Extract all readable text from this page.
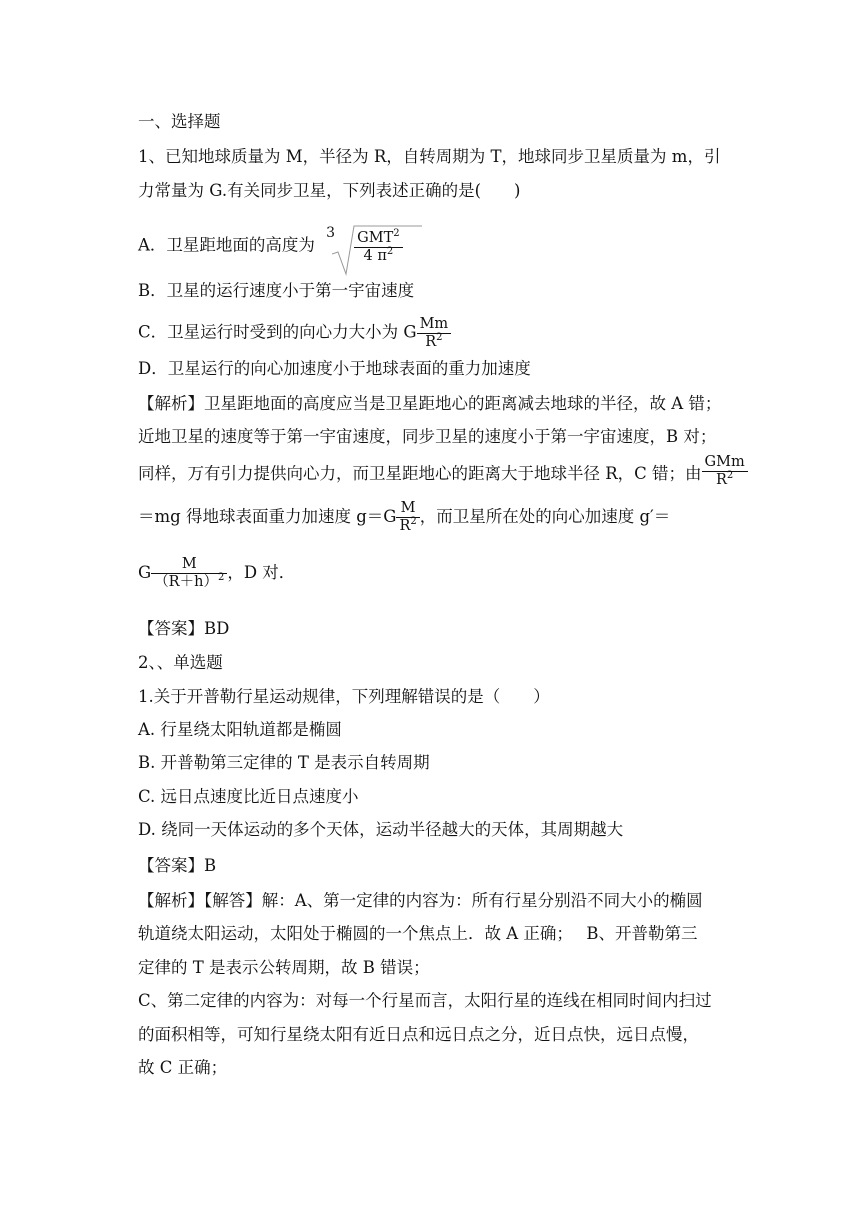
一、选择题
1、已知地球质量为 M，半径为 R，自转周期为 T，地球同步卫星质量为 m，引
力常量为 G.有关同步卫星，下列表述正确的是(　　)
A．卫星距地面的高度为
$3 \frac{GMT^2}{4 \pi^2}$
B．卫星的运行速度小于第一宇宙速度
C．卫星运行时受到的向心力大小为 G $\frac{Mm}{R^2}$
D．卫星运行的向心加速度小于地球表面的重力加速度
【解析】卫星距地面的高度应当是卫星距地心的距离减去地球的半径，故 A 错；
近地卫星的速度等于第一宇宙速度，同步卫星的速度小于第一宇宙速度，B 对；
同样，万有引力提供向心力，而卫星距地心的距离大于地球半径 R，C 错；由 $\frac{\text{GMm}}{R^2}$
＝mg 得地球表面重力加速度 $g=G \frac{M}{R^2}$ ，而卫星所在处的向心加速度 g′＝
G $\frac{M}{(R+h)^2}$ ，D 对．
【答案】BD
2、、单选题
1.关于开普勒行星运动规律，下列理解错误的是（　　）
A. 行星绕太阳轨道都是椭圆
B. 开普勒第三定律的 T 是表示自转周期
C. 远日点速度比近日点速度小
D. 绕同一天体运动的多个天体，运动半径越大的天体，其周期越大
【答案】B
【解析】【解答】解：A、第一定律的内容为：所有行星分别沿不同大小的椭圆
轨道绕太阳运动，太阳处于椭圆的一个焦点上．故 A 正确；　 B、开普勒第三
定律的 T 是表示公转周期，故 B 错误；
C、第二定律的内容为：对每一个行星而言，太阳行星的连线在相同时间内扫过
的面积相等，可知行星绕太阳有近日点和远日点之分，近日点快，远日点慢，
故 C 正确；
